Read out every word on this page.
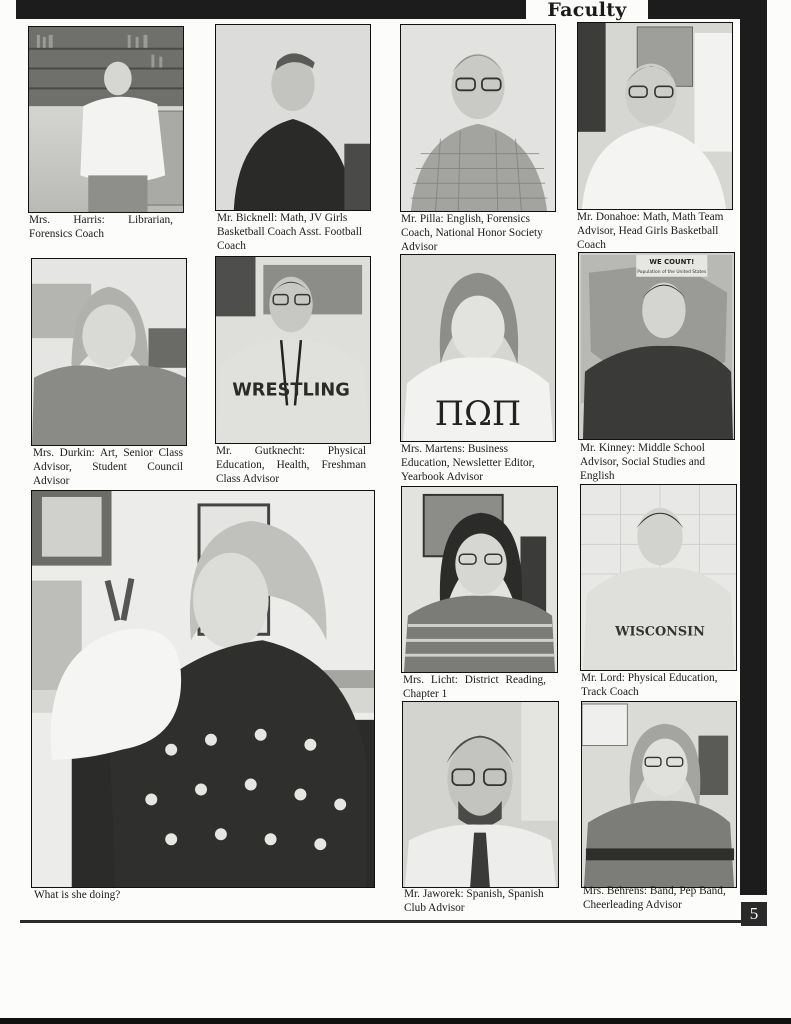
Faculty
Mrs. Harris: Librarian, Forensics Coach
Mr. Bicknell: Math, JV Girls Basketball Coach Asst. Football Coach
Mr. Pilla: English, Forensics Coach, National Honor Society Advisor
Mr. Donahoe: Math, Math Team Advisor, Head Girls Basketball Coach
Mrs. Durkin: Art, Senior Class Advisor, Student Council Advisor
WRESTLING
Mr. Gutknecht: Physical Education, Health, Freshman Class Advisor
ΠΩΠ
Mrs. Martens: Business Education, Newsletter Editor, Yearbook Advisor
WE COUNT!
Population of the United States
Mr. Kinney: Middle School Advisor, Social Studies and English
What is she doing?
Mrs. Licht: District Reading, Chapter 1
WISCONSIN
Mr. Lord: Physical Education, Track Coach
Mr. Jaworek: Spanish, Spanish Club Advisor
Mrs. Behrens: Band, Pep Band, Cheerleading Advisor	5
